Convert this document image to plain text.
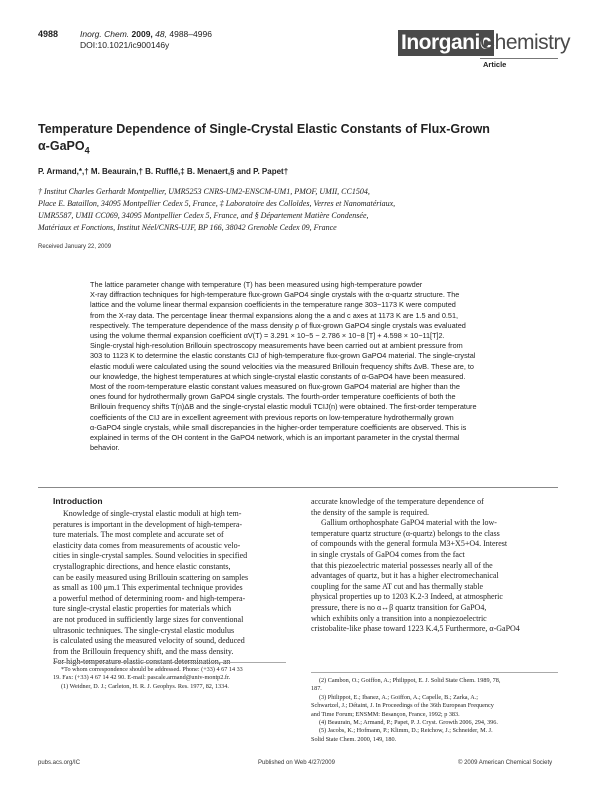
4988	Inorg. Chem. 2009, 48, 4988–4996
DOI:10.1021/ic900146y	Inorganic
Chemistry
Article
Temperature Dependence of Single-Crystal Elastic Constants of Flux-Grown
α-GaPO$_4$
P. Armand,*,† M. Beaurain,† B. Rufflé,‡ B. Menaert,§ and P. Papet†
† Institut Charles Gerhardt Montpellier, UMR5253 CNRS-UM2-ENSCM-UM1, PMOF, UMII, CC1504,
Place E. Bataillon, 34095 Montpellier Cedex 5, France, ‡ Laboratoire des Colloïdes, Verres et Nanomatériaux,
UMR5587, UMII CC069, 34095 Montpellier Cedex 5, France, and § Département Matière Condensée,
Matériaux et Fonctions, Institut Néel/CNRS-UJF, BP 166, 38042 Grenoble Cedex 09, France
Received January 22, 2009
The lattice parameter change with temperature (T) has been measured using high-temperature powder
X-ray diffraction techniques for high-temperature flux-grown GaPO4 single crystals with the α-quartz structure. The
lattice and the volume linear thermal expansion coefficients in the temperature range 303−1173 K were computed
from the X-ray data. The percentage linear thermal expansions along the a and c axes at 1173 K are 1.5 and 0.51,
respectively. The temperature dependence of the mass density ρ of flux-grown GaPO4 single crystals was evaluated
using the volume thermal expansion coefficient αV(T) = 3.291 × 10−5 − 2.786 × 10−8 [T] + 4.598 × 10−11[T]2.
Single-crystal high-resolution Brillouin spectroscopy measurements have been carried out at ambient pressure from
303 to 1123 K to determine the elastic constants CIJ of high-temperature flux-grown GaPO4 material. The single-crystal
elastic moduli were calculated using the sound velocities via the measured Brillouin frequency shifts ΔνB. These are, to
our knowledge, the highest temperatures at which single-crystal elastic constants of α-GaPO4 have been measured.
Most of the room-temperature elastic constant values measured on flux-grown GaPO4 material are higher than the
ones found for hydrothermally grown GaPO4 single crystals. The fourth-order temperature coefficients of both the
Brillouin frequency shifts T(n)ΔB and the single-crystal elastic moduli TCIJ(n) were obtained. The first-order temperature
coefficients of the CIJ are in excellent agreement with previous reports on low-temperature hydrothermally grown
α-GaPO4 single crystals, while small discrepancies in the higher-order temperature coefficients are observed. This is
explained in terms of the OH content in the GaPO4 network, which is an important parameter in the crystal thermal
behavior.
Introduction
Knowledge of single-crystal elastic moduli at high tem-
peratures is important in the development of high-tempera-
ture materials. The most complete and accurate set of
elasticity data comes from measurements of acoustic velo-
cities in single-crystal samples. Sound velocities in specified
crystallographic directions, and hence elastic constants,
can be easily measured using Brillouin scattering on samples
as small as 100 μm.1 This experimental technique provides
a powerful method of determining room- and high-tempera-
ture single-crystal elastic properties for materials which
are not produced in sufficiently large sizes for conventional
ultrasonic techniques. The single-crystal elastic modulus
is calculated using the measured velocity of sound, deduced
from the Brillouin frequency shift, and the mass density.
accurate knowledge of the temperature dependence of
the density of the sample is required.
Gallium orthophosphate GaPO4 material with the low-
temperature quartz structure (α-quartz) belongs to the class
of compounds with the general formula M3+X5+O4. Interest
in single crystals of GaPO4 comes from the fact
that this piezoelectric material possesses nearly all of the
advantages of quartz, but it has a higher electromechanical
coupling for the same AT cut and has thermally stable
physical properties up to 1203 K.2-3 Indeed, at atmospheric
pressure, there is no α↔β quartz transition for GaPO4,
which exhibits only a transition into a nonpiezoelectric
cristobalite-like phase toward 1223 K.4,5 Furthermore, α-GaPO4

*To whom correspondence should be addressed. Phone: (+33) 4 67 14 33

19. Fax: (+33) 4 67 14 42 90. E-mail: pascale.armand@univ-montp2.fr.

(1) Weidner, D. J.; Carleton, H. R. J. Geophys. Res. 1977, 82, 1334.

(2) Cambon, O.; Goiffon, A.; Philippot, E. J. Solid State Chem. 1989, 78,

187.

(3) Philippot, E.; Ibanez, A.; Goiffon, A.; Capelle, B.; Zarka, A.;

Schwartzel, J.; Détaint, J. In Proceedings of the 36th European Frequency

and Time Forum; ENSMM: Besançon, France, 1992; p 383.

(4) Beaurain, M.; Armand, P.; Papet, P. J. Cryst. Growth 2006, 294, 396.

(5) Jacobs, K.; Hofmann, P.; Klimm, D.; Reichow, J.; Schneider, M. J.

Solid State Chem. 2000, 149, 180.

pubs.acs.org/IC	Published on Web 4/27/2009	© 2009 American Chemical Society
